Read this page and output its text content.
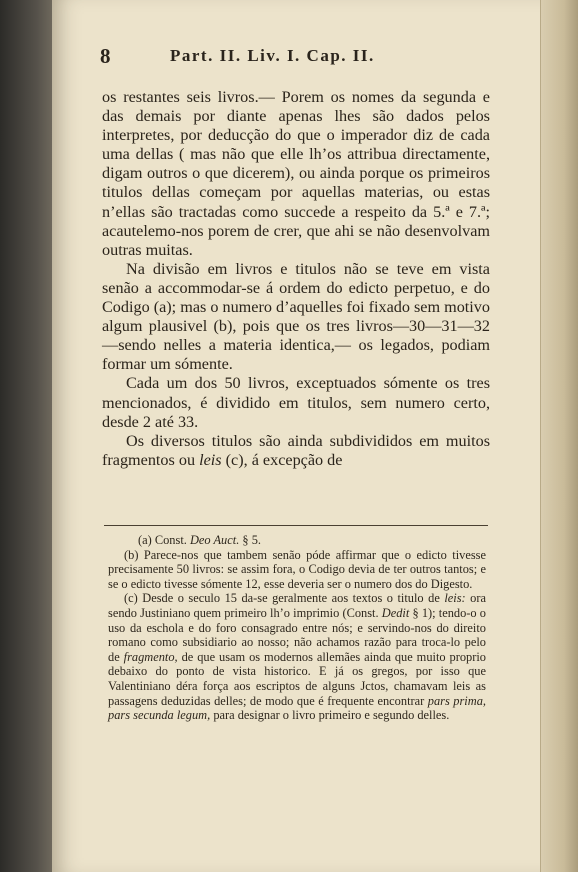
8	Part. II. Liv. I. Cap. II.

os restantes seis livros.— Porem os nomes da segunda e das demais por diante apenas lhes são dados pelos interpretes, por deducção do que o imperador diz de cada uma dellas ( mas não que elle lh’os attribua directamente, digam outros o que dicerem), ou ainda porque os primeiros titulos dellas começam por aquellas materias, ou estas n’ellas são tractadas como succede a respeito da 5.ª e 7.ª; acautelemo-nos porem de crer, que ahi se não desenvolvam outras muitas.

Na divisão em livros e titulos não se teve em vista senão a accommodar-se á ordem do edicto perpetuo, e do Codigo (a); mas o numero d’aquelles foi fixado sem motivo algum plausivel (b), pois que os tres livros—30—31—32—sendo nelles a materia identica,— os legados, podiam formar um sómente.

Cada um dos 50 livros, exceptuados sómente os tres mencionados, é dividido em titulos, sem numero certo, desde 2 até 33.

Os diversos titulos são ainda subdivididos em muitos fragmentos ou leis (c), á excepção de

(a) Const. Deo Auct. § 5.

(b) Parece-nos que tambem senão póde affirmar que o edicto tivesse precisamente 50 livros: se assim fora, o Codigo devia de ter outros tantos; e se o edicto tivesse sómente 12, esse deveria ser o numero dos do Digesto.

(c) Desde o seculo 15 da-se geralmente aos textos o titulo de leis: ora sendo Justiniano quem primeiro lh’o imprimio (Const. Dedit § 1); tendo-o o uso da eschola e do foro consagrado entre nós; e servindo-nos do direito romano como subsidiario ao nosso; não achamos razão para troca-lo pelo de fragmento, de que usam os modernos allemães ainda que muito proprio debaixo do ponto de vista historico. E já os gregos, por isso que Valentiniano déra força aos escriptos de alguns Jctos, chamavam leis as passagens deduzidas delles; de modo que é frequente encontrar pars prima, pars secunda legum, para designar o livro primeiro e segundo delles.
